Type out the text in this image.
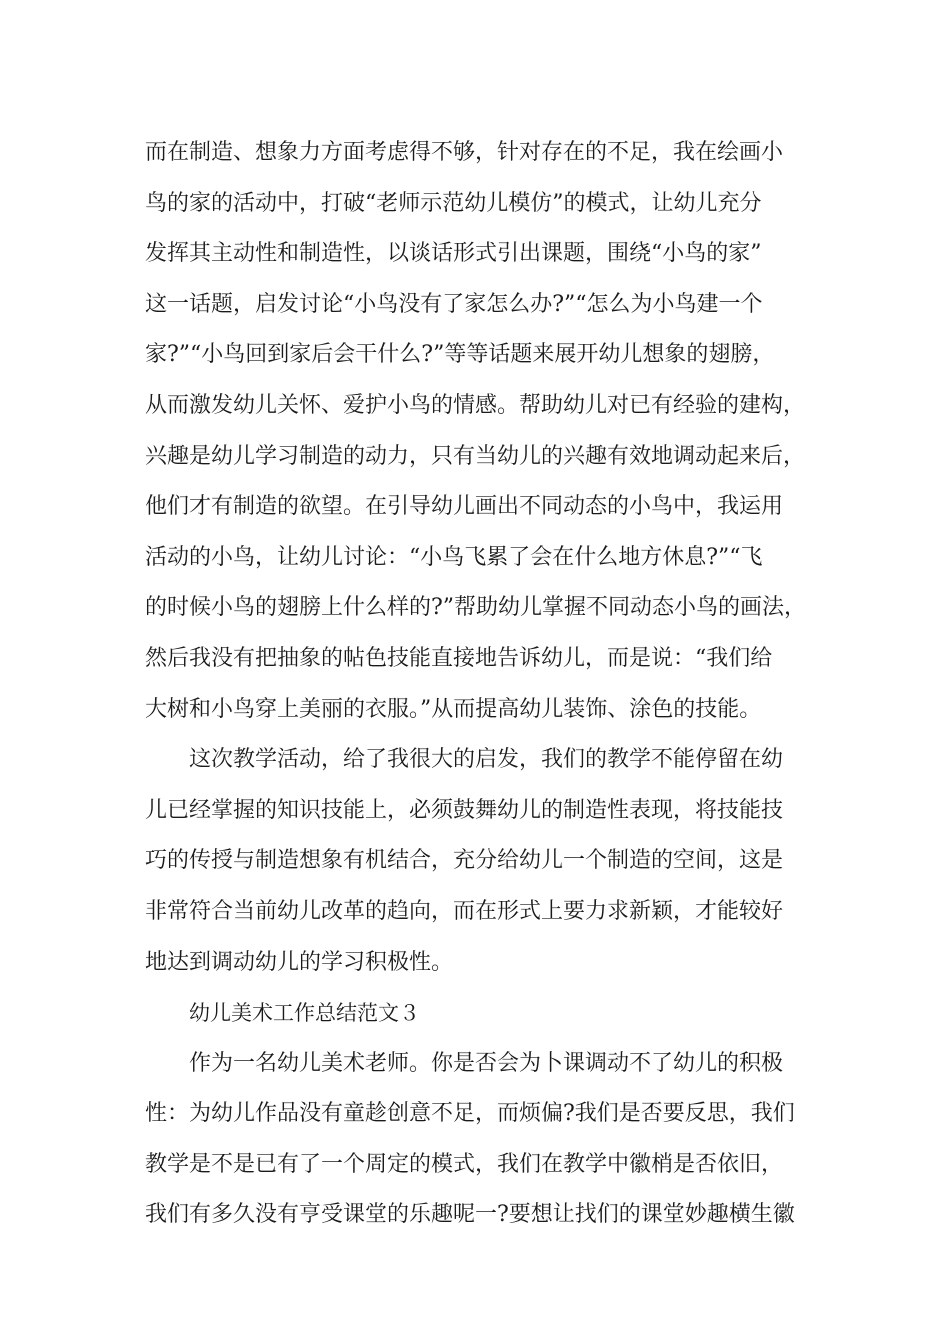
而在制造、想象力方面考虑得不够，针对存在的不足，我在绘画小
鸟的家的活动中，打破“老师示范幼儿模仿”的模式，让幼儿充分
发挥其主动性和制造性，以谈话形式引出课题，围绕“小鸟的家”
这一话题，启发讨论“小鸟没有了家怎么办?”“怎么为小鸟建一个
家?”“小鸟回到家后会干什么?”等等话题来展开幼儿想象的翅膀，
从而激发幼儿关怀、爱护小鸟的情感。帮助幼儿对已有经验的建构，
兴趣是幼儿学习制造的动力，只有当幼儿的兴趣有效地调动起来后，
他们才有制造的欲望。在引导幼儿画出不同动态的小鸟中，我运用
活动的小鸟，让幼儿讨论：“小鸟飞累了会在什么地方休息?”“飞
的时候小鸟的翅膀上什么样的?”帮助幼儿掌握不同动态小鸟的画法，
然后我没有把抽象的帖色技能直接地告诉幼儿，而是说：“我们给
大树和小鸟穿上美丽的衣服。”从而提高幼儿装饰、涂色的技能。
这次教学活动，给了我很大的启发，我们的教学不能停留在幼
儿已经掌握的知识技能上，必须鼓舞幼儿的制造性表现，将技能技
巧的传授与制造想象有机结合，充分给幼儿一个制造的空间，这是
非常符合当前幼儿改革的趋向，而在形式上要力求新颖，才能较好
地达到调动幼儿的学习积极性。
幼儿美术工作总结范文３
作为一名幼儿美术老师。你是否会为卜课调动不了幼儿的积极
性：为幼儿作品没有童趁创意不足，而烦偏?我们是否要反思，我们
教学是不是已有了一个周定的模式，我们在教学中徽梢是否依旧，
我们有多久没有亨受课堂的乐趣呢一?要想让找们的课堂妙趣横生徽
